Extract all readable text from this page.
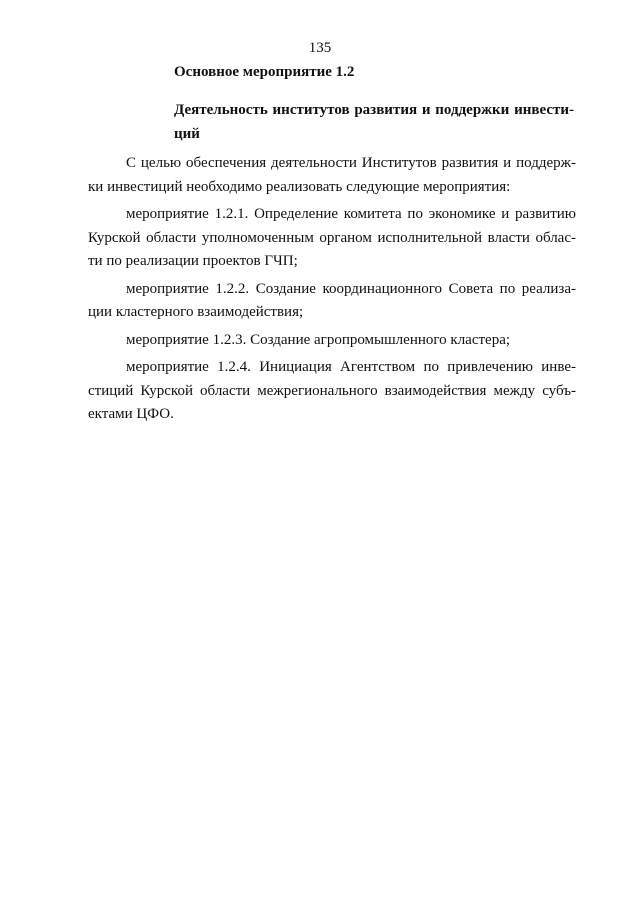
135
Основное мероприятие 1.2
Деятельность институтов развития и поддержки инвести-
ций
С целью обеспечения деятельности Институтов развития и поддерж-
ки инвестиций необходимо реализовать следующие мероприятия:
мероприятие 1.2.1. Определение комитета по экономике и развитию
Курской области уполномоченным органом исполнительной власти облас-
ти по реализации проектов ГЧП;
мероприятие 1.2.2. Создание координационного Совета по реализа-
ции кластерного взаимодействия;
мероприятие 1.2.3. Создание агропромышленного кластера;
мероприятие 1.2.4. Инициация Агентством по привлечению инве-
стиций Курской области межрегионального взаимодействия между субъ-
ектами ЦФО.
